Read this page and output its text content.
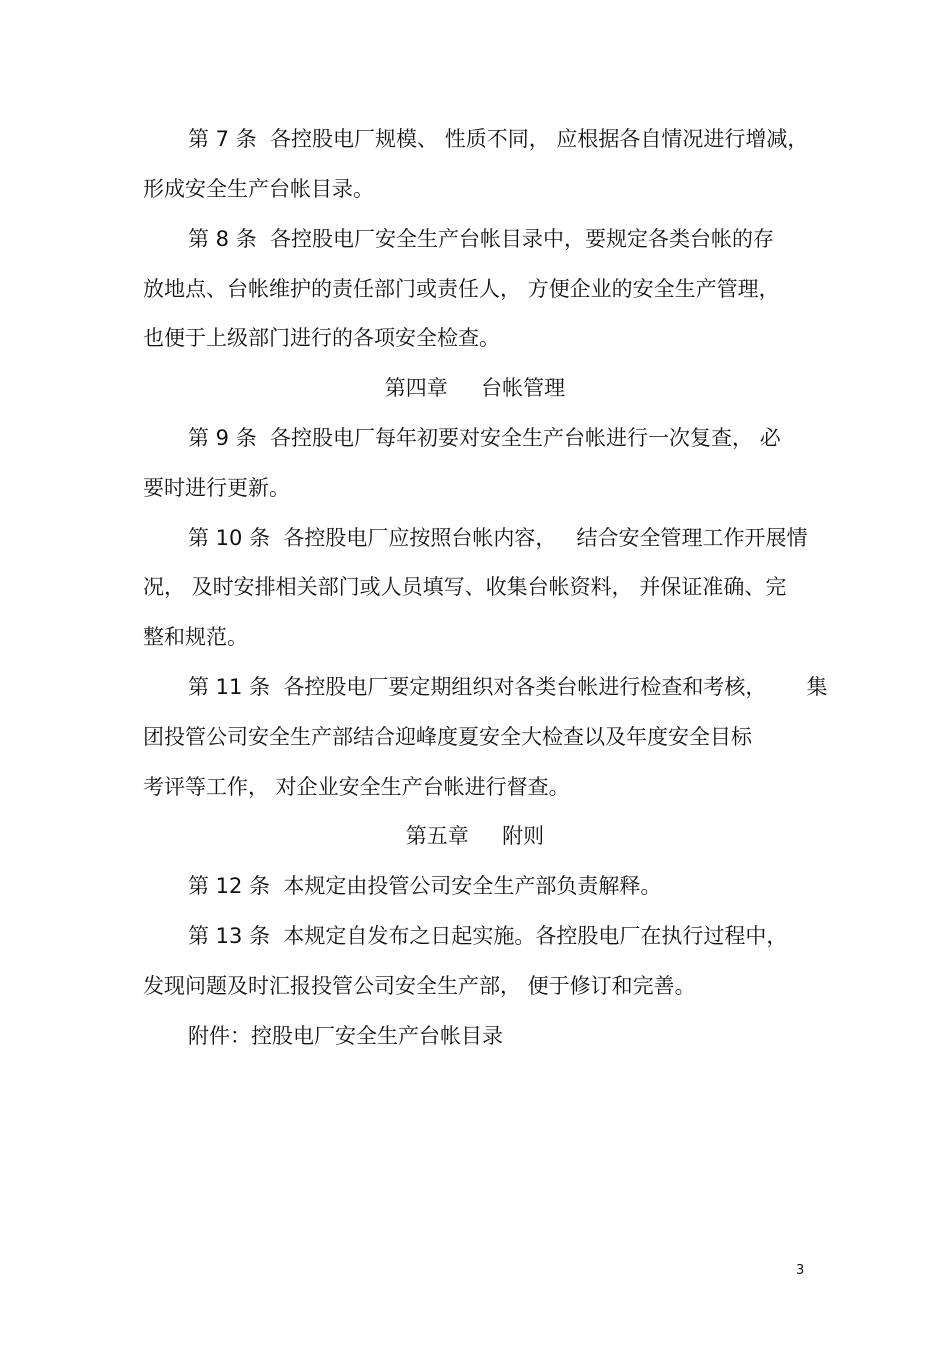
第 7 条  各控股电厂规模、 性质不同， 应根据各自情况进行增减，

形成安全生产台帐目录。

第 8 条  各控股电厂安全生产台帐目录中，要规定各类台帐的存

放地点、台帐维护的责任部门或责任人， 方便企业的安全生产管理，

也便于上级部门进行的各项安全检查。

第四章     台帐管理

第 9 条  各控股电厂每年初要对安全生产台帐进行一次复查， 必

要时进行更新。

第 10 条  各控股电厂应按照台帐内容，   结合安全管理工作开展情

况， 及时安排相关部门或人员填写、收集台帐资料， 并保证准确、完

整和规范。

第 11 条  各控股电厂要定期组织对各类台帐进行检查和考核，      集

团投管公司安全生产部结合迎峰度夏安全大检查以及年度安全目标

考评等工作， 对企业安全生产台帐进行督查。

第五章     附则

第 12 条  本规定由投管公司安全生产部负责解释。

第 13 条  本规定自发布之日起实施。各控股电厂在执行过程中，

发现问题及时汇报投管公司安全生产部， 便于修订和完善。

附件：控股电厂安全生产台帐目录

3
